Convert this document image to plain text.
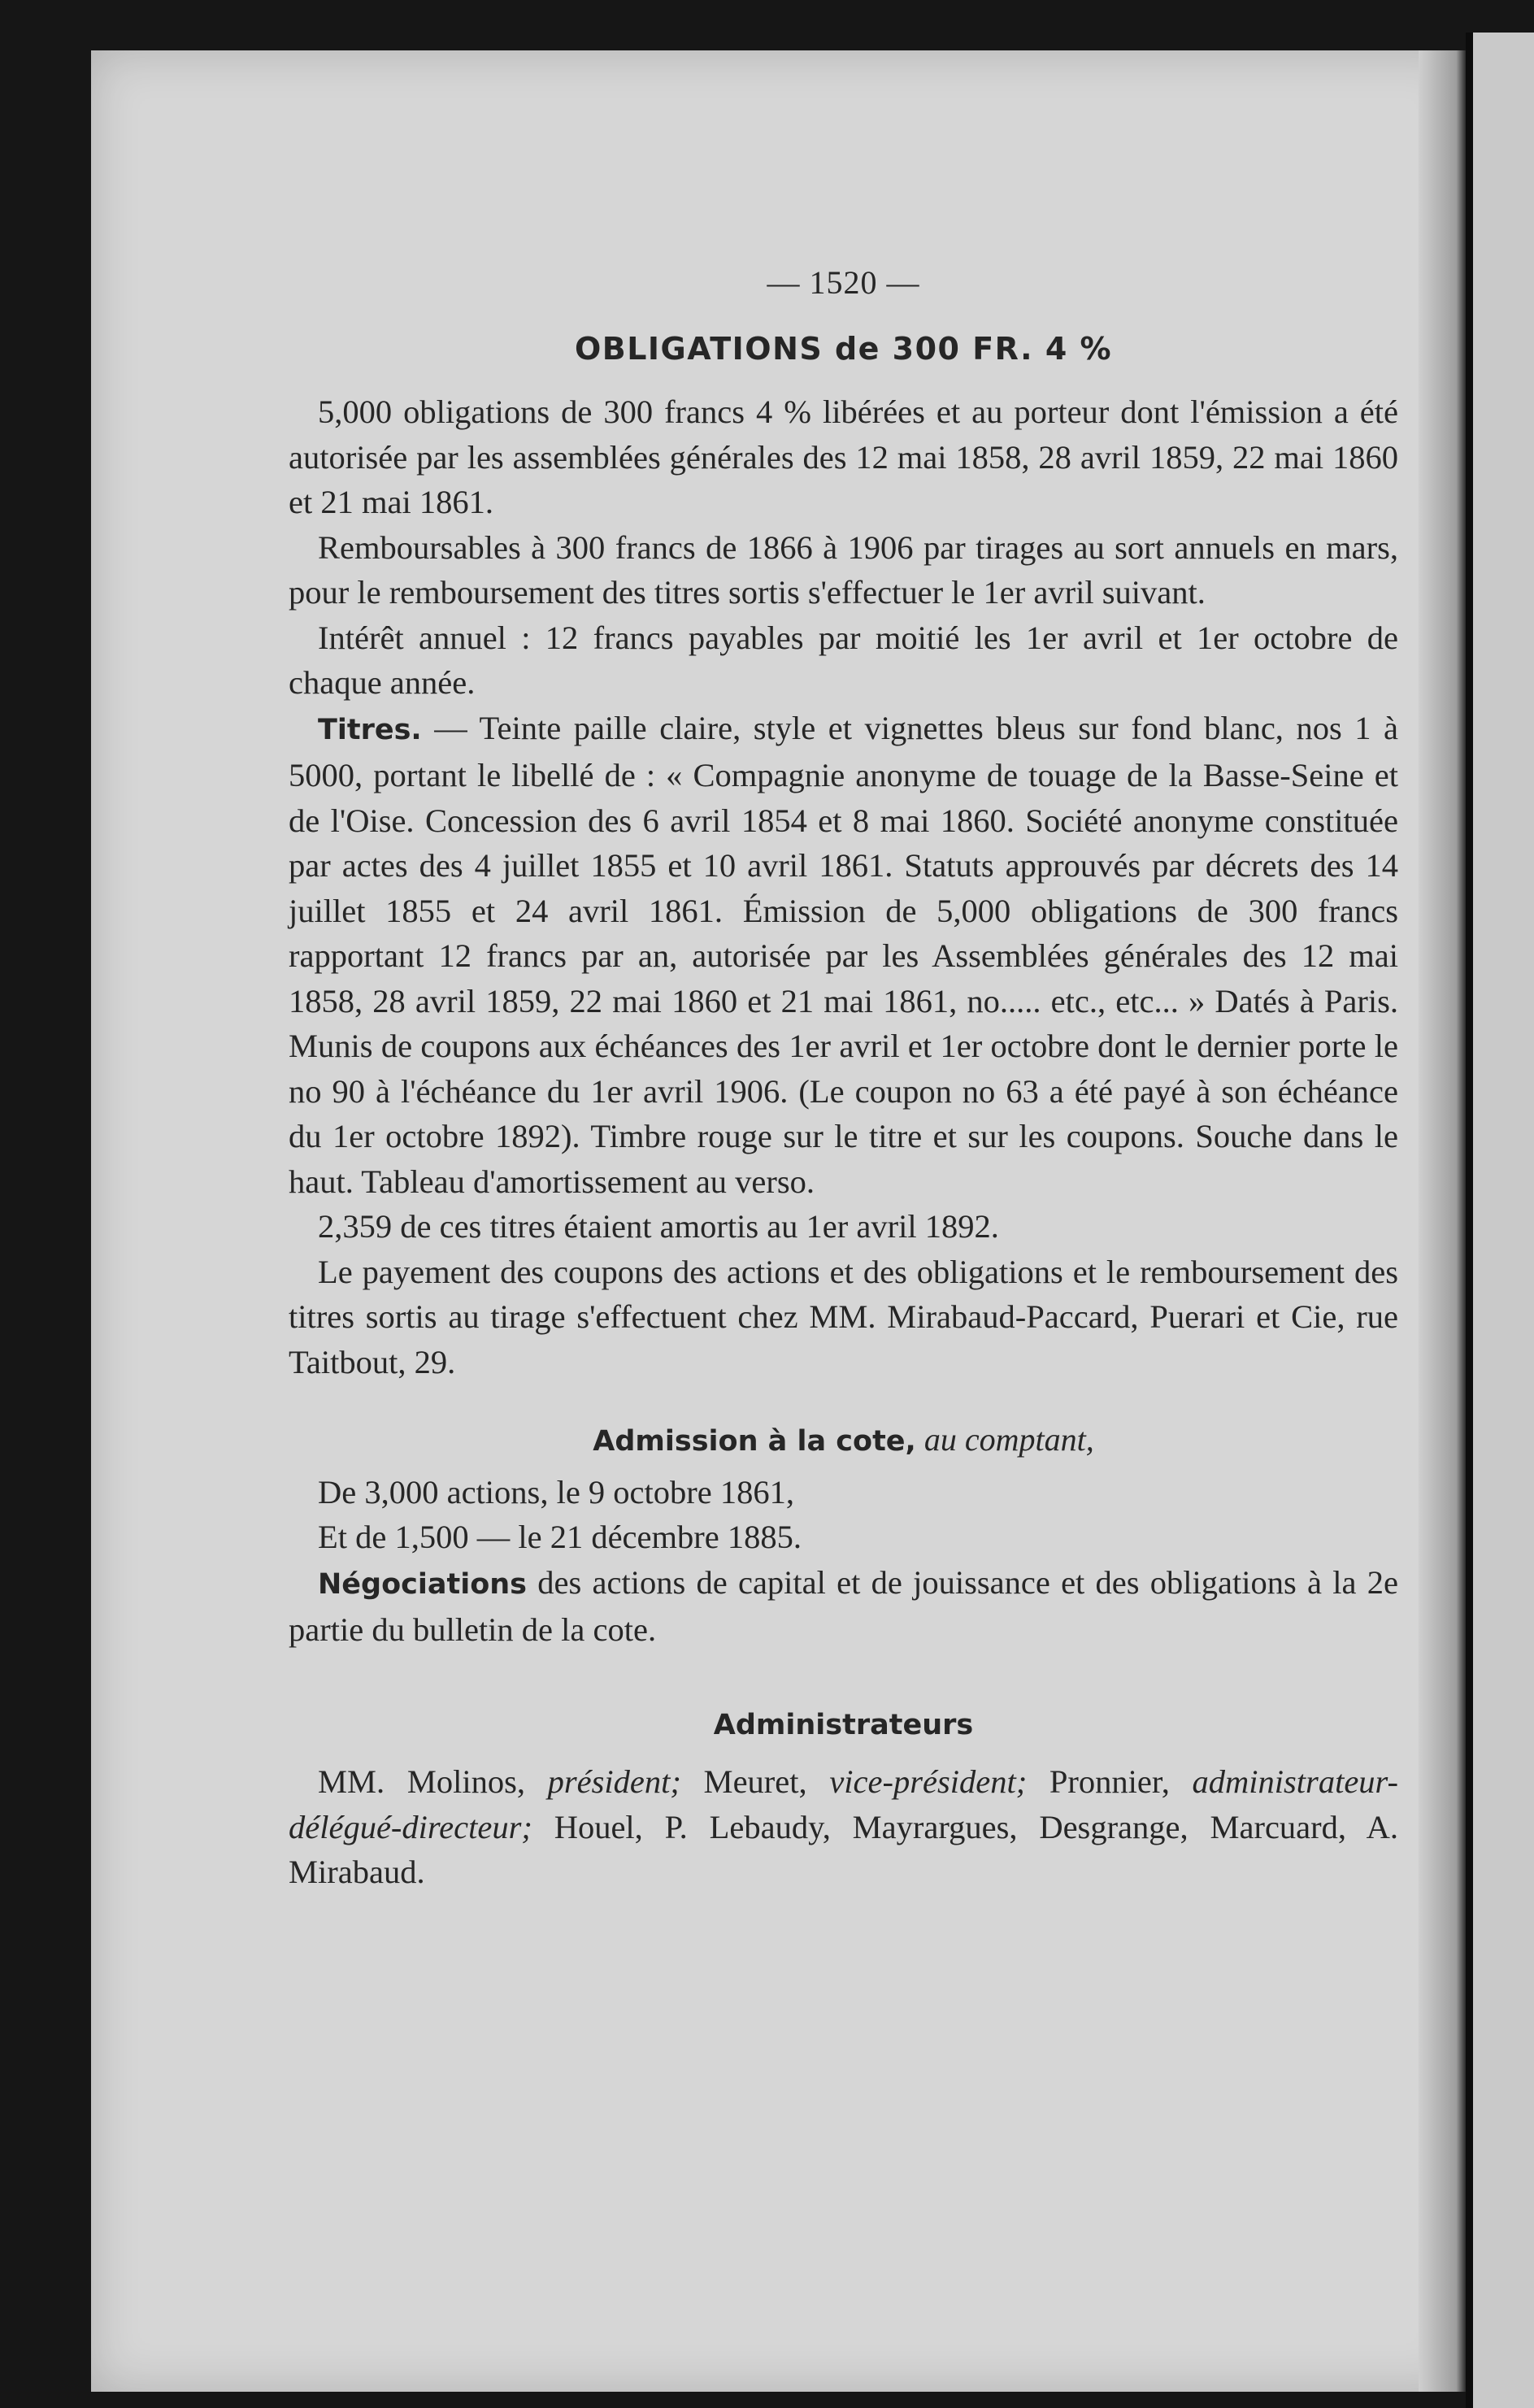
— 1520 —
OBLIGATIONS de 300 FR. 4 %

5,000 obligations de 300 francs 4 % libérées et au porteur dont l'émission a été autorisée par les assemblées générales des 12 mai 1858, 28 avril 1859, 22 mai 1860 et 21 mai 1861.

Remboursables à 300 francs de 1866 à 1906 par tirages au sort annuels en mars, pour le remboursement des titres sortis s'effectuer le 1er avril suivant.

Intérêt annuel : 12 francs payables par moitié les 1er avril et 1er octobre de chaque année.

Titres. — Teinte paille claire, style et vignettes bleus sur fond blanc, nos 1 à 5000, portant le libellé de : « Compagnie anonyme de touage de la Basse-Seine et de l'Oise. Concession des 6 avril 1854 et 8 mai 1860. Société anonyme constituée par actes des 4 juillet 1855 et 10 avril 1861. Statuts approuvés par décrets des 14 juillet 1855 et 24 avril 1861. Émission de 5,000 obligations de 300 francs rapportant 12 francs par an, autorisée par les Assemblées générales des 12 mai 1858, 28 avril 1859, 22 mai 1860 et 21 mai 1861, no..... etc., etc... » Datés à Paris. Munis de coupons aux échéances des 1er avril et 1er octobre dont le dernier porte le no 90 à l'échéance du 1er avril 1906. (Le coupon no 63 a été payé à son échéance du 1er octobre 1892). Timbre rouge sur le titre et sur les coupons. Souche dans le haut. Tableau d'amortissement au verso.

2,359 de ces titres étaient amortis au 1er avril 1892.

Le payement des coupons des actions et des obligations et le remboursement des titres sortis au tirage s'effectuent chez MM. Mirabaud-Paccard, Puerari et Cie, rue Taitbout, 29.

Admission à la cote, au comptant,
De 3,000 actions, le 9 octobre 1861,
Et de 1,500 — le 21 décembre 1885.

Négociations des actions de capital et de jouissance et des obligations à la 2e partie du bulletin de la cote.

Administrateurs

MM. Molinos, président; Meuret, vice-président; Pronnier, administrateur-délégué-directeur; Houel, P. Lebaudy, Mayrargues, Desgrange, Marcuard, A. Mirabaud.
